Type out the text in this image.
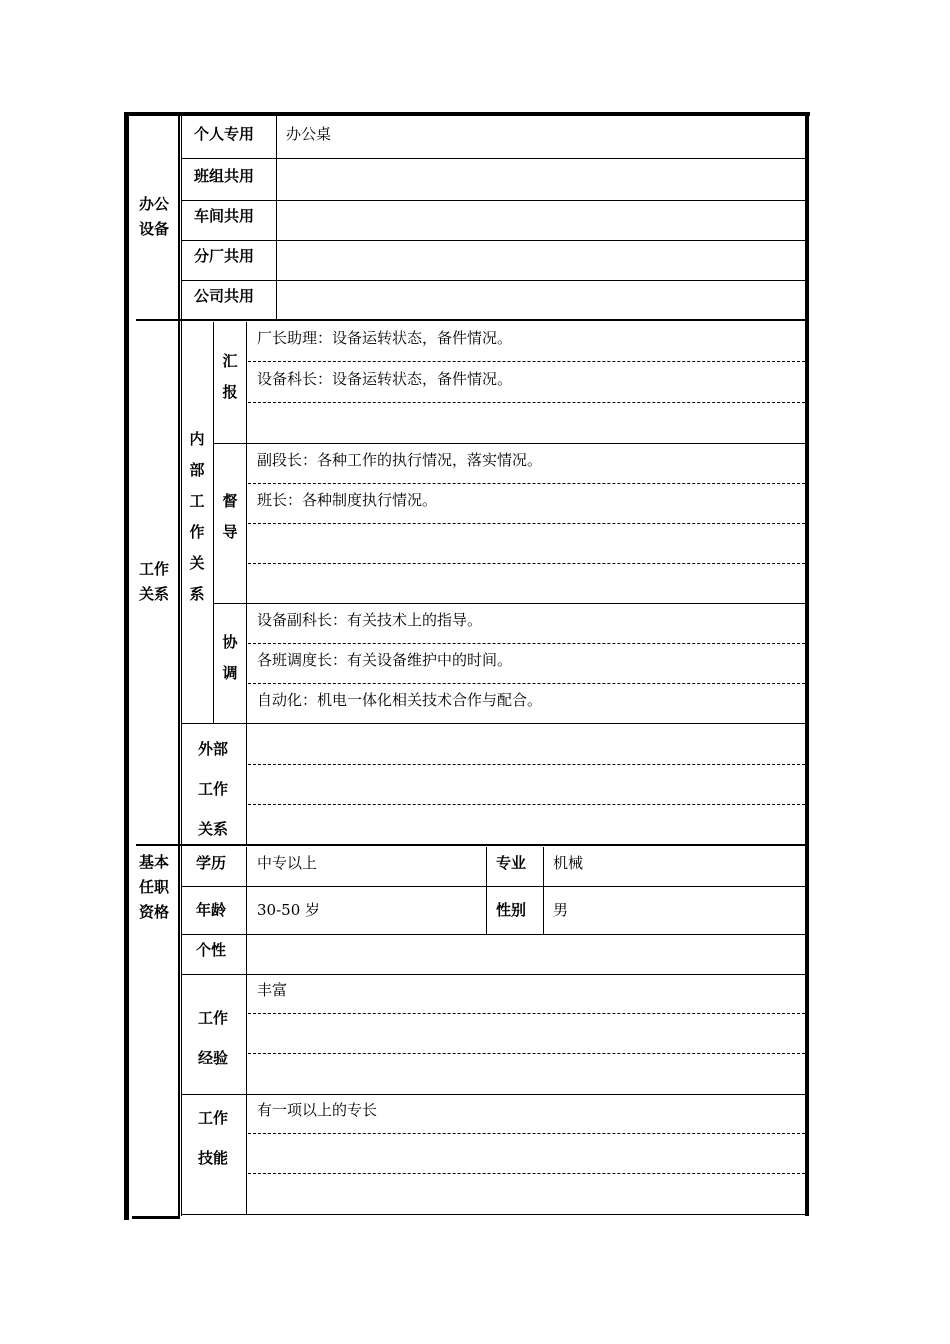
办公
设备
个人专用 办公桌
班组共用
车间共用
分厂共用
公司共用
工作
关系
内
部
工
作
关
系
汇
报
厂长助理：设备运转状态，备件情况。
设备科长：设备运转状态，备件情况。
督
导
副段长：各种工作的执行情况，落实情况。
班长：各种制度执行情况。
协
调
设备副科长：有关技术上的指导。
各班调度长：有关设备维护中的时间。
自动化：机电一体化相关技术合作与配合。
外部
工作
关系
基本
任职
资格
学历 中专以上	专业 机械
年龄 30-50 岁	性别 男
个性
工作
经验
丰富
工作
技能
有一项以上的专长
